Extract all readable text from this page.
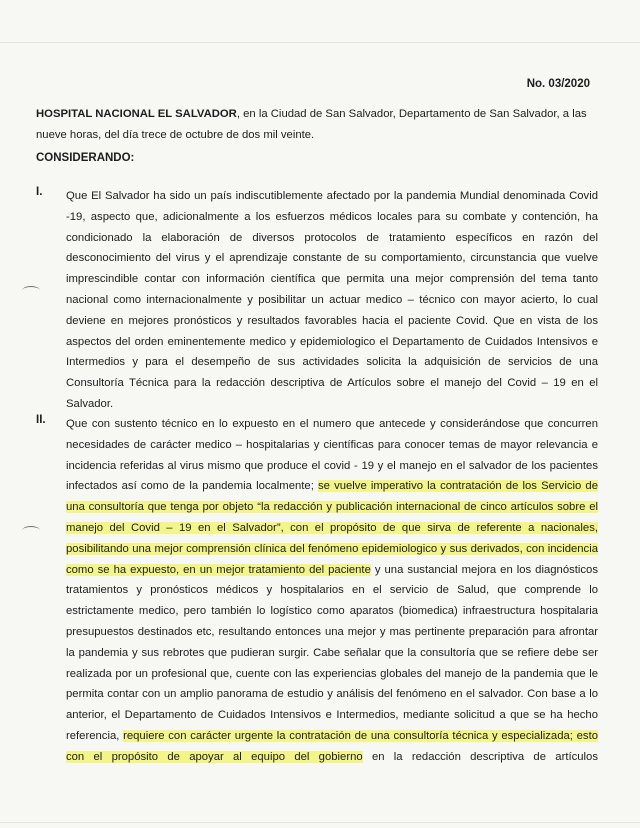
No. 03/2020
HOSPITAL NACIONAL EL SALVADOR, en la Ciudad de San Salvador, Departamento de San Salvador, a las nueve horas, del día trece de octubre de dos mil veinte.
CONSIDERANDO:
I. Que El Salvador ha sido un país indiscutiblemente afectado por la pandemia Mundial denominada Covid -19, aspecto que, adicionalmente a los esfuerzos médicos locales para su combate y contención, ha condicionado la elaboración de diversos protocolos de tratamiento específicos en razón del desconocimiento del virus y el aprendizaje constante de su comportamiento, circunstancia que vuelve imprescindible contar con información científica que permita una mejor comprensión del tema tanto nacional como internacionalmente y posibilitar un actuar medico – técnico con mayor acierto, lo cual deviene en mejores pronósticos y resultados favorables hacia el paciente Covid. Que en vista de los aspectos del orden eminentemente medico y epidemiologico el Departamento de Cuidados Intensivos e Intermedios y para el desempeño de sus actividades solicita la adquisición de servicios de una Consultoría Técnica para la redacción descriptiva de Artículos sobre el manejo del Covid – 19 en el Salvador.
II. Que con sustento técnico en lo expuesto en el numero que antecede y considerándose que concurren necesidades de carácter medico – hospitalarias y científicas para conocer temas de mayor relevancia e incidencia referidas al virus mismo que produce el covid - 19 y el manejo en el salvador de los pacientes infectados así como de la pandemia localmente; se vuelve imperativo la contratación de los Servicio de una consultoría que tenga por objeto “la redacción y publicación internacional de cinco artículos sobre el manejo del Covid – 19 en el Salvador”, con el propósito de que sirva de referente a nacionales, posibilitando una mejor comprensión clínica del fenómeno epidemiologico y sus derivados, con incidencia como se ha expuesto, en un mejor tratamiento del paciente y una sustancial mejora en los diagnósticos tratamientos y pronósticos médicos y hospitalarios en el servicio de Salud, que comprende lo estrictamente medico, pero también lo logístico como aparatos (biomedica) infraestructura hospitalaria presupuestos destinados etc, resultando entonces una mejor y mas pertinente preparación para afrontar la pandemia y sus rebrotes que pudieran surgir. Cabe señalar que la consultoría que se refiere debe ser realizada por un profesional que, cuente con las experiencias globales del manejo de la pandemia que le permita contar con un amplio panorama de estudio y análisis del fenómeno en el salvador. Con base a lo anterior, el Departamento de Cuidados Intensivos e Intermedios, mediante solicitud a que se ha hecho referencia, requiere con carácter urgente la contratación de una consultoría técnica y especializada; esto con el propósito de apoyar al equipo del gobierno en la redacción descriptiva de artículos
